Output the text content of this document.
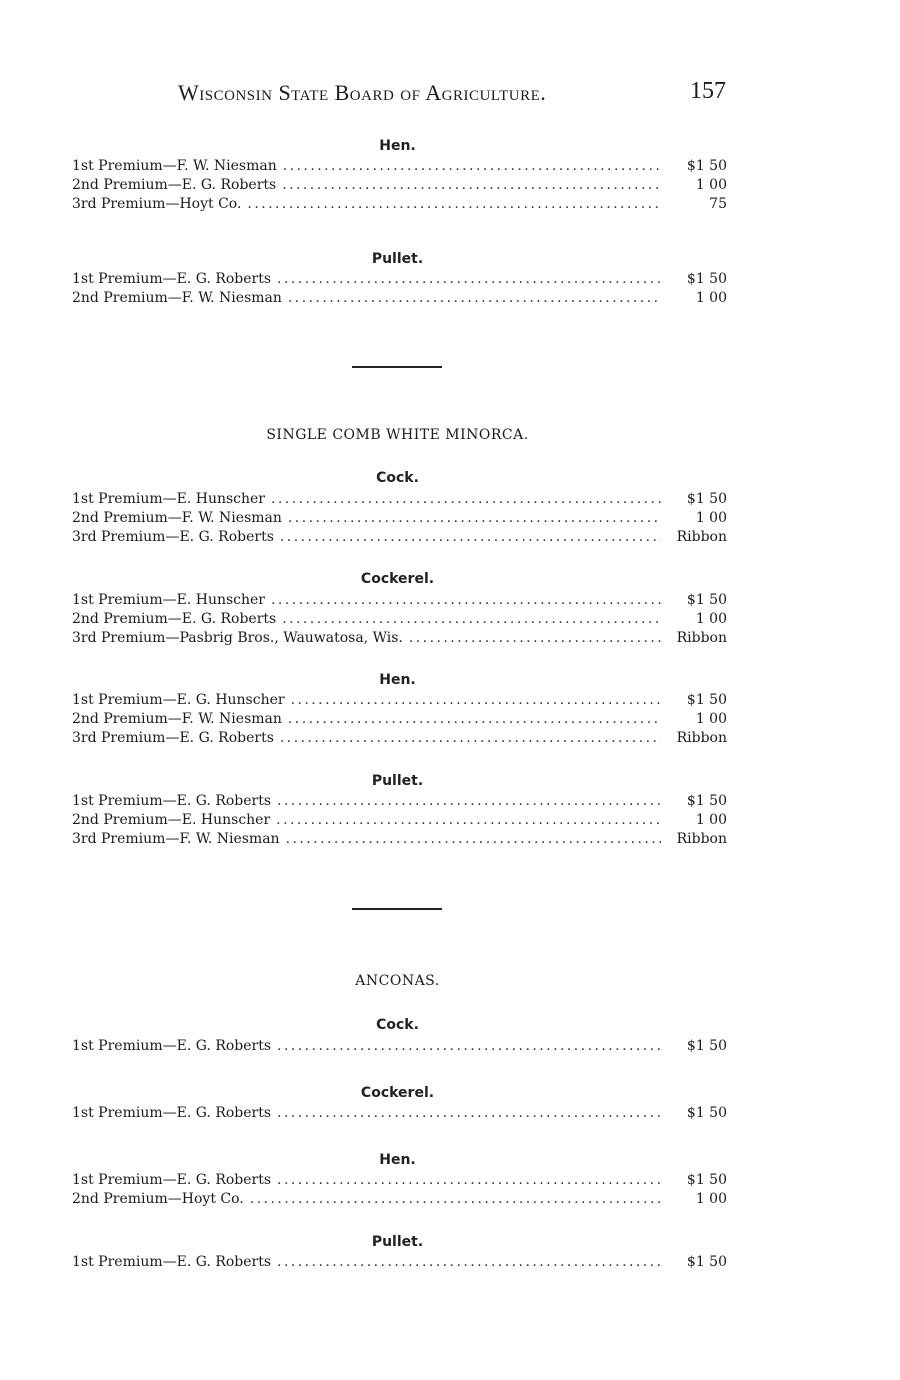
Wisconsin State Board of Agriculture.	157
Hen.
1st Premium—F. W. Niesman . . .	$1 50
2nd Premium—E. G. Roberts . . .	1 00
3rd Premium—Hoyt Co. . . .	75
Pullet.
1st Premium—E. G. Roberts . . .	$1 50
2nd Premium—F. W. Niesman . . .	1 00
SINGLE COMB WHITE MINORCA.
Cock.
1st Premium—E. Hunscher . . .	$1 50
2nd Premium—F. W. Niesman . . .	1 00
3rd Premium—E. G. Roberts . . .	Ribbon
Cockerel.
1st Premium—E. Hunscher . . .	$1 50
2nd Premium—E. G. Roberts . . .	1 00
3rd Premium—Pasbrig Bros., Wauwatosa, Wis. . . .	Ribbon
Hen.
1st Premium—E. G. Hunscher . . .	$1 50
2nd Premium—F. W. Niesman . . .	1 00
3rd Premium—E. G. Roberts . . .	Ribbon
Pullet.
1st Premium—E. G. Roberts . . .	$1 50
2nd Premium—E. Hunscher . . .	1 00
3rd Premium—F. W. Niesman . . .	Ribbon
ANCONAS.
Cock.
1st Premium—E. G. Roberts . . .	$1 50
Cockerel.
1st Premium—E. G. Roberts . . .	$1 50
Hen.
1st Premium—E. G. Roberts . . .	$1 50
2nd Premium—Hoyt Co. . . .	1 00
Pullet.
1st Premium—E. G. Roberts . . .	$1 50
